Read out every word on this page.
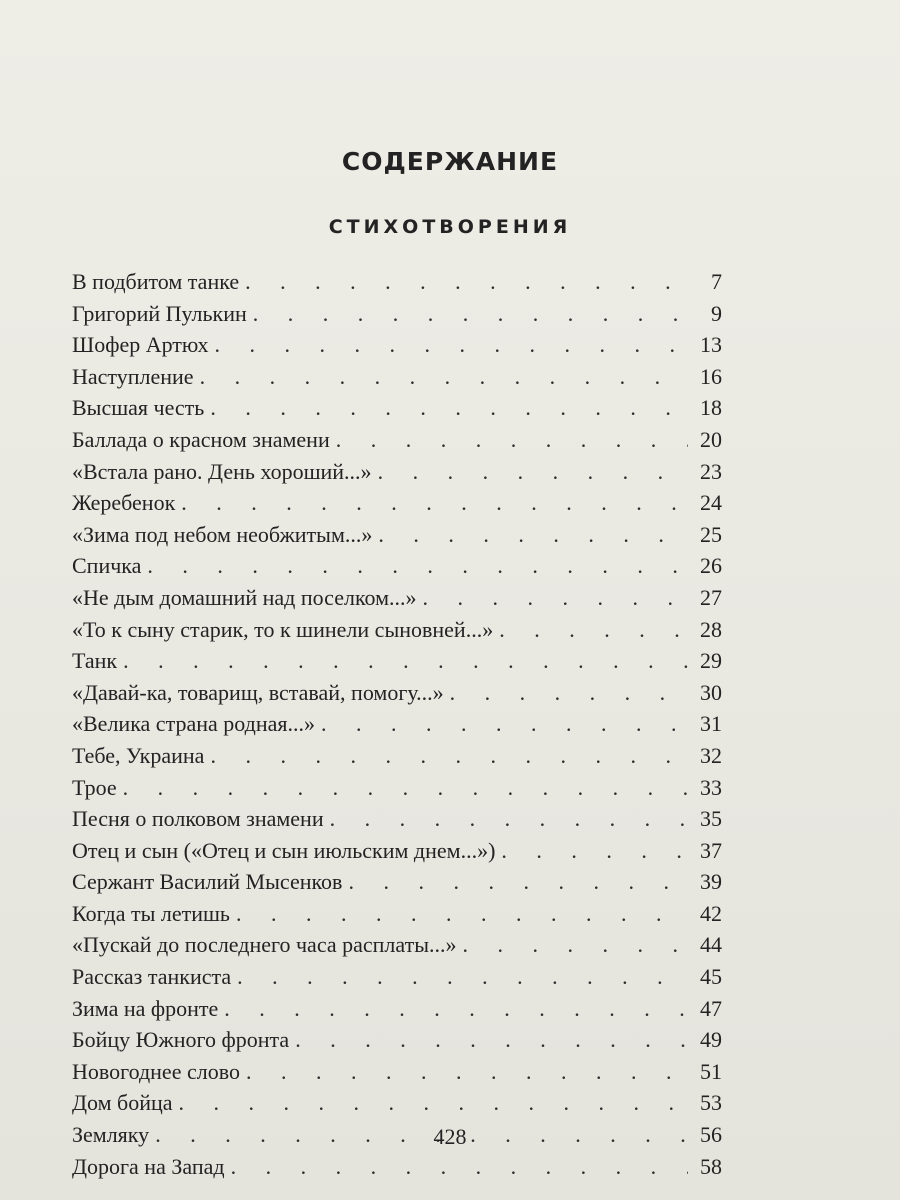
СОДЕРЖАНИЕ
СТИХОТВОРЕНИЯ
В подбитом танке . . .	7
Григорий Пулькин . . .	9
Шофер Артюх . . .	13
Наступление . . .	16
Высшая честь . . .	18
Баллада о красном знамени . . .	20
«Встала рано. День хороший...» . . .	23
Жеребенок . . .	24
«Зима под небом необжитым...» . . .	25
Спичка . . .	26
«Не дым домашний над поселком...» . . .	27
«То к сыну старик, то к шинели сыновней...» . . .	28
Танк . . .	29
«Давай-ка, товарищ, вставай, помогу...» . . .	30
«Велика страна родная...» . . .	31
Тебе, Украина . . .	32
Трое . . .	33
Песня о полковом знамени . . .	35
Отец и сын («Отец и сын июльским днем...») . . .	37
Сержант Василий Мысенков . . .	39
Когда ты летишь . . .	42
«Пускай до последнего часа расплаты...» . . .	44
Рассказ танкиста . . .	45
Зима на фронте . . .	47
Бойцу Южного фронта . . .	49
Новогоднее слово . . .	51
Дом бойца . . .	53
Земляку . . .	56
Дорога на Запад . . .	58
428
